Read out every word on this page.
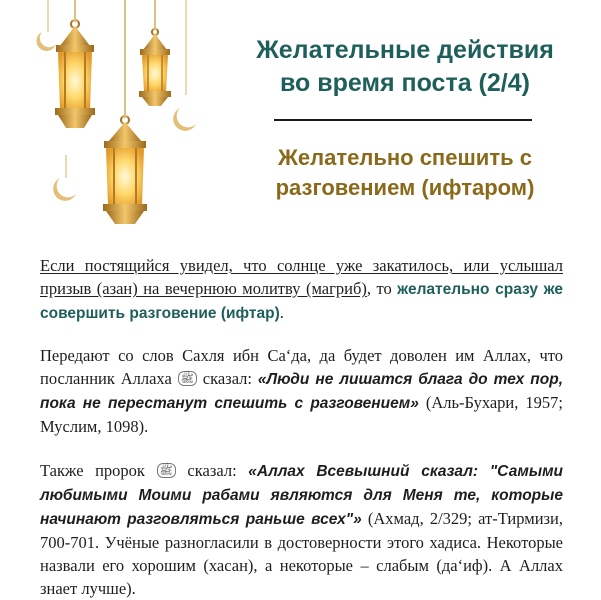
Желательные действия
во время поста (2/4)
Желательно спешить с
разговением (ифтаром)

Если постящийся увидел, что солнце уже закатилось, или услышал призыв (азан) на вечернюю молитву (магриб), то желательно сразу же совершить разговение (ифтар).

Передают со слов Сахля ибн Са‘да, да будет доволен им Аллах, что посланник Аллаха ﷺ сказал: «Люди не лишатся блага до тех пор, пока не перестанут спешить с разговением» (Аль-Бухари, 1957; Муслим, 1098).

Также пророк ﷺ сказал: «Аллах Всевышний сказал: "Самыми любимыми Моими рабами являются для Меня те, которые начинают разговляться раньше всех"» (Ахмад, 2/329; ат-Тирмизи, 700-701. Учёные разногласили в достоверности этого хадиса. Некоторые назвали его хорошим (хасан), а некоторые – слабым (да‘иф). А Аллах знает лучше).
